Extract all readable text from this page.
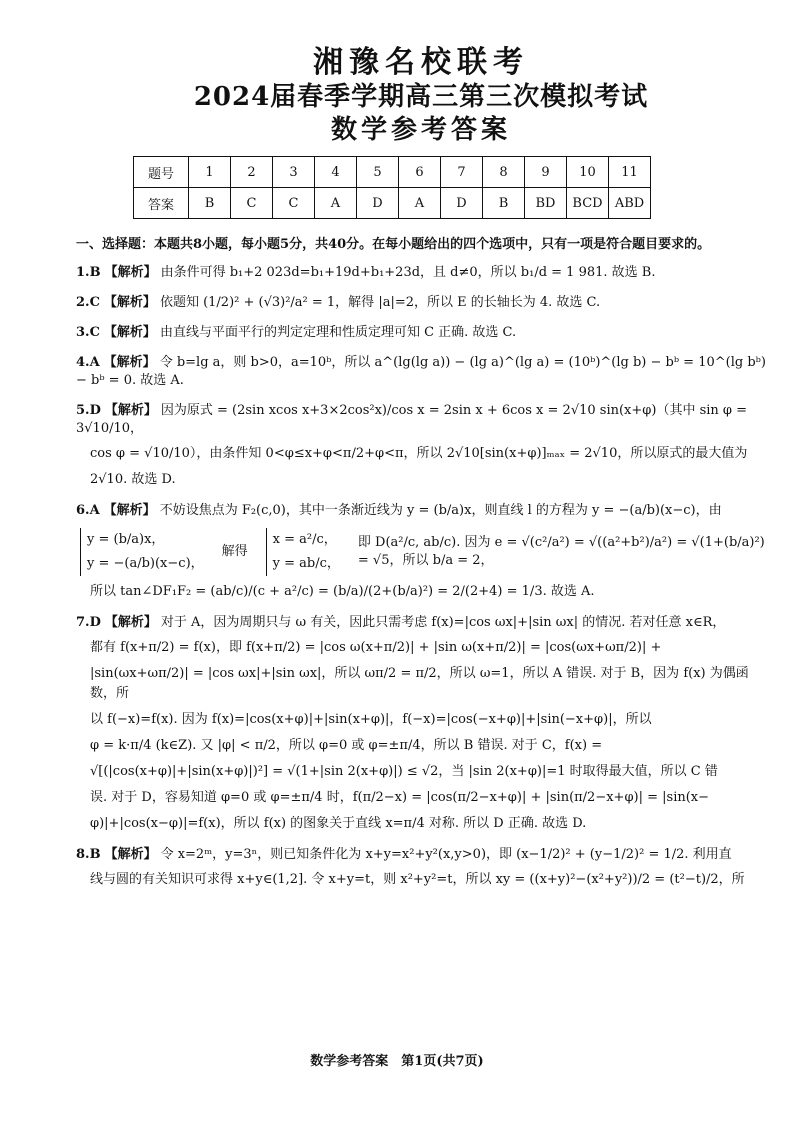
湘豫名校联考
2024届春季学期高三第三次模拟考试
数学参考答案
题号	1	2	3	4	5	6	7	8	9	10	11
答案	B	C	C	A	D	A	D	B	BD	BCD	ABD
一、选择题：本题共8小题，每小题5分，共40分。在每小题给出的四个选项中，只有一项是符合题目要求的。
1.B 【解析】 由条件可得 b₁+2 023d=b₁+19d+b₁+23d，且 d≠0，所以 b₁/d = 1 981. 故选 B.
2.C 【解析】 依题知 (1/2)² + (√3)²/a² = 1，解得 |a|=2，所以 E 的长轴长为 4. 故选 C.
3.C 【解析】 由直线与平面平行的判定定理和性质定理可知 C 正确. 故选 C.
4.A 【解析】 令 b=lg a，则 b>0，a=10ᵇ，所以 a^(lg(lg a)) − (lg a)^(lg a) = (10ᵇ)^(lg b) − bᵇ = 10^(lg bᵇ) − bᵇ = 0. 故选 A.
5.D 【解析】 因为原式 = (2sin xcos x+3×2cos²x)/cos x = 2sin x + 6cos x = 2√10 sin(x+φ)（其中 sin φ = 3√10/10，
cos φ = √10/10），由条件知 0<φ≤x+φ<π/2+φ<π，所以 2√10[sin(x+φ)]ₘₐₓ = 2√10，所以原式的最大值为
2√10. 故选 D.
6.A 【解析】 不妨设焦点为 F₂(c,0)，其中一条渐近线为 y = (b/a)x，则直线 l 的方程为 y = −(a/b)(x−c)，由
y = (b/a)x，
y = −(a/b)(x−c)，
解得
x = a²/c，
y = ab/c，
即 D(a²/c, ab/c). 因为 e = √(c²/a²) = √((a²+b²)/a²) = √(1+(b/a)²) = √5，所以 b/a = 2，
所以 tan∠DF₁F₂ = (ab/c)/(c + a²/c) = (b/a)/(2+(b/a)²) = 2/(2+4) = 1/3. 故选 A.
7.D 【解析】 对于 A，因为周期只与 ω 有关，因此只需考虑 f(x)=|cos ωx|+|sin ωx| 的情况. 若对任意 x∈R，
都有 f(x+π/2) = f(x)，即 f(x+π/2) = |cos ω(x+π/2)| + |sin ω(x+π/2)| = |cos(ωx+ωπ/2)| +
|sin(ωx+ωπ/2)| = |cos ωx|+|sin ωx|，所以 ωπ/2 = π/2，所以 ω=1，所以 A 错误. 对于 B，因为 f(x) 为偶函数，所
以 f(−x)=f(x). 因为 f(x)=|cos(x+φ)|+|sin(x+φ)|，f(−x)=|cos(−x+φ)|+|sin(−x+φ)|，所以
φ = k·π/4 (k∈Z). 又 |φ| < π/2，所以 φ=0 或 φ=±π/4，所以 B 错误. 对于 C，f(x) =
√[(|cos(x+φ)|+|sin(x+φ)|)²] = √(1+|sin 2(x+φ)|) ≤ √2，当 |sin 2(x+φ)|=1 时取得最大值，所以 C 错
误. 对于 D，容易知道 φ=0 或 φ=±π/4 时，f(π/2−x) = |cos(π/2−x+φ)| + |sin(π/2−x+φ)| = |sin(x−
φ)|+|cos(x−φ)|=f(x)，所以 f(x) 的图象关于直线 x=π/4 对称. 所以 D 正确. 故选 D.
8.B 【解析】 令 x=2ᵐ，y=3ⁿ，则已知条件化为 x+y=x²+y²(x,y>0)，即 (x−1/2)² + (y−1/2)² = 1/2. 利用直
线与圆的有关知识可求得 x+y∈(1,2]. 令 x+y=t，则 x²+y²=t，所以 xy = ((x+y)²−(x²+y²))/2 = (t²−t)/2，所
数学参考答案　第1页(共7页)
